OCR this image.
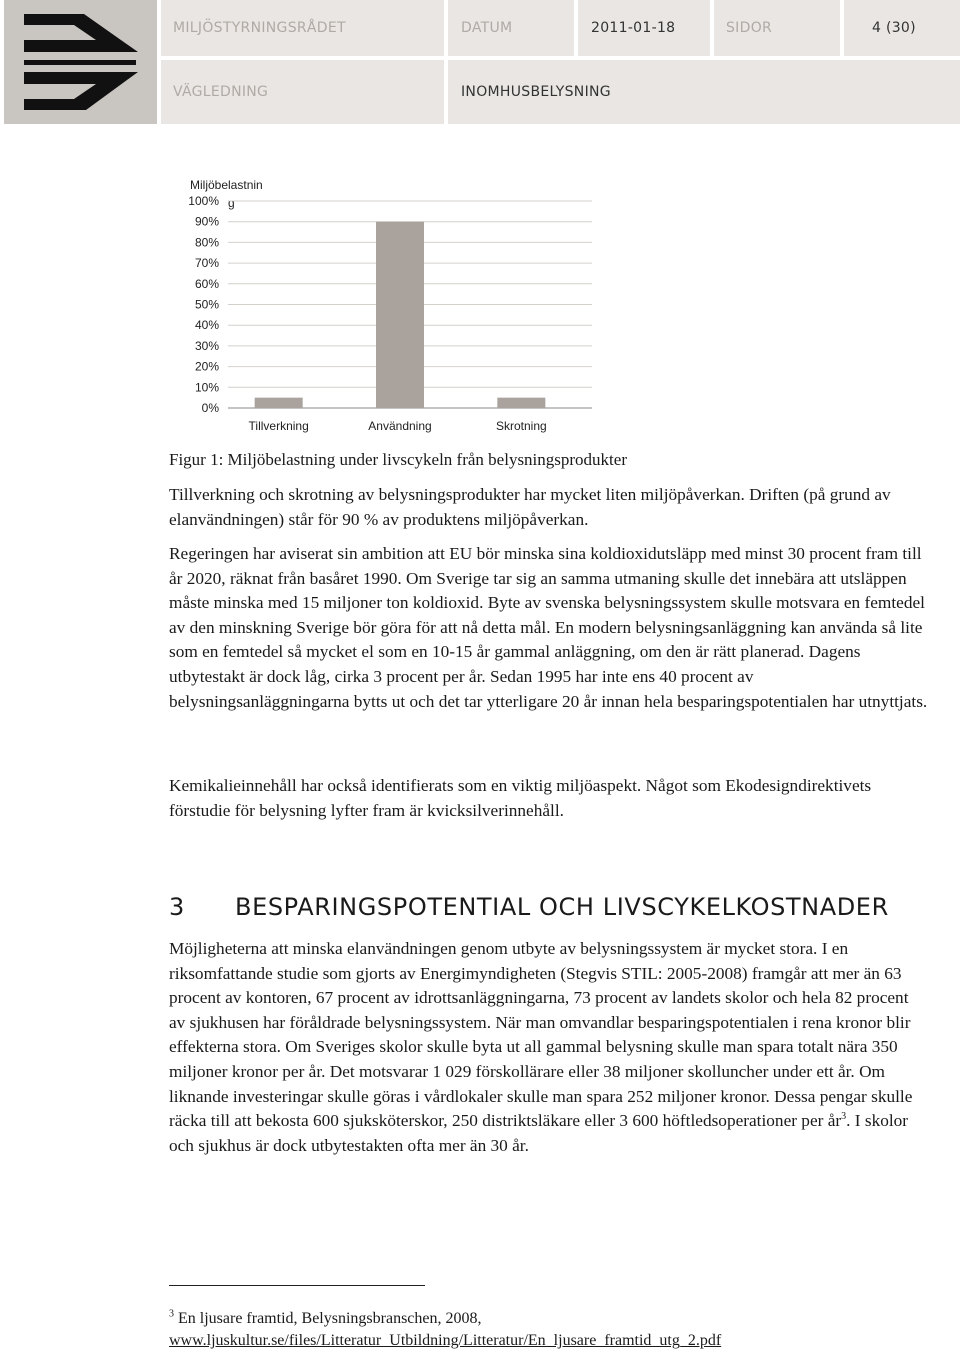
MILJÖSTYRNINGSRÅDET	DATUM	2011-01-18	SIDOR	4 (30)
VÄGLEDNING	INOMHUSBELYSNING
Miljöbelastnin
g
0%
10%
20%
30%
40%
50%
60%
70%
80%
90%
100%
Tillverkning	Användning	Skrotning
Figur 1: Miljöbelastning under livscykeln från belysningsprodukter

Tillverkning och skrotning av belysningsprodukter har mycket liten miljöpåverkan. Driften (på grund av elanvändningen) står för 90 % av produktens miljöpåverkan.

Regeringen har aviserat sin ambition att EU bör minska sina koldioxidutsläpp med minst 30 procent fram till år 2020, räknat från basåret 1990. Om Sverige tar sig an samma utmaning skulle det innebära att utsläppen måste minska med 15 miljoner ton koldioxid. Byte av svenska belysningssystem skulle motsvara en femtedel av den minskning Sverige bör göra för att nå detta mål. En modern belysningsanläggning kan använda så lite som en femtedel så mycket el som en 10-15 år gammal anläggning, om den är rätt planerad. Dagens utbytestakt är dock låg, cirka 3 procent per år. Sedan 1995 har inte ens 40 procent av belysningsanläggningarna bytts ut och det tar ytterligare 20 år innan hela besparingspotentialen har utnyttjats.

Kemikalieinnehåll har också identifierats som en viktig miljöaspekt. Något som Ekodesigndirektivets förstudie för belysning lyfter fram är kvicksilverinnehåll.

3 BESPARINGSPOTENTIAL OCH LIVSCYKELKOSTNADER

Möjligheterna att minska elanvändningen genom utbyte av belysningssystem är mycket stora. I en riksomfattande studie som gjorts av Energimyndigheten (Stegvis STIL: 2005-2008) framgår att mer än 63 procent av kontoren, 67 procent av idrottsanläggningarna, 73 procent av landets skolor och hela 82 procent av sjukhusen har föråldrade belysningssystem. När man omvandlar besparingspotentialen i rena kronor blir effekterna stora. Om Sveriges skolor skulle byta ut all gammal belysning skulle man spara totalt nära 350 miljoner kronor per år. Det motsvarar 1 029 förskollärare eller 38 miljoner skolluncher under ett år. Om liknande investeringar skulle göras i vårdlokaler skulle man spara 252 miljoner kronor. Dessa pengar skulle räcka till att bekosta 600 sjuksköterskor, 250 distriktsläkare eller 3 600 höftledsoperationer per $år^3$. I skolor och sjukhus är dock utbytestakten ofta mer än 30 år.

$^3$ En ljusare framtid, Belysningsbranschen, 2008,
www.ljuskultur.se/files/Litteratur_Utbildning/Litteratur/En_ljusare_framtid_utg_2.pdf
